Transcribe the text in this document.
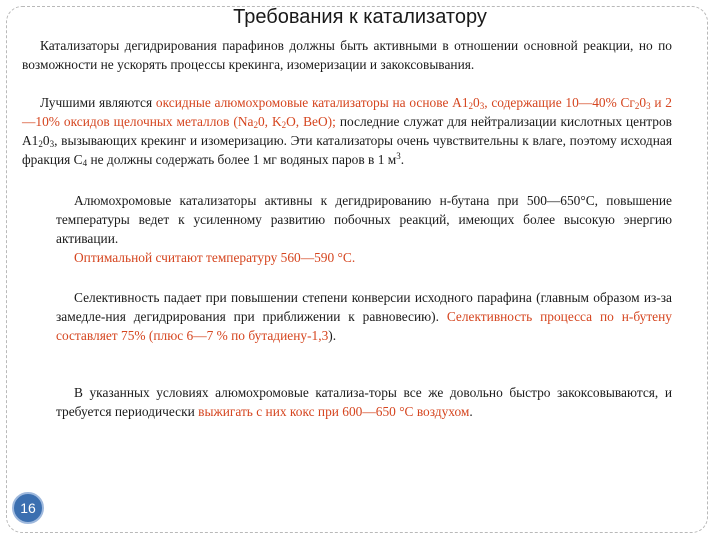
Требования к катализатору

Катализаторы дегидрирования парафинов должны быть активными в отношении основной реакции, но по возможности не ускорять процессы крекинга, изомеризации и закоксовывания.

Лучшими являются оксидные алюмохромовые катализаторы на основе $А1_20_3$, содержащие 10—40% $Сг_20_3$ и 2—10% оксидов щелочных металлов ($Na_20$, $K_2O$, BeO); последние служат для нейтрализации кислотных центров $А1_20_3$, вызывающих крекинг и изомеризацию. Эти катализаторы очень чувствительны к влаге, поэтому исходная фракция $С_4$ не должны содержать более 1 мг водяных паров в 1 $м^3$.

Алюмохромовые катализаторы активны к дегидрированию н-бутана при 500—650°С, повышение температуры ведет к усиленному развитию побочных реакций, имеющих более высокую энергию активации.
Оптимальной считают температуру 560—590 °С.

Селективность падает при повышении степени конверсии исходного парафина (главным образом из-за замедле-ния дегидрирования при приближении к равновесию). Селективность процесса по н-бутену составляет 75% (плюс 6—7 % по бутадиену-1,3).

В указанных условиях алюмохромовые катализа-торы все же довольно быстро закоксовываются, и требуется периодически выжигать с них кокс при 600—650 °С воздухом.

16
